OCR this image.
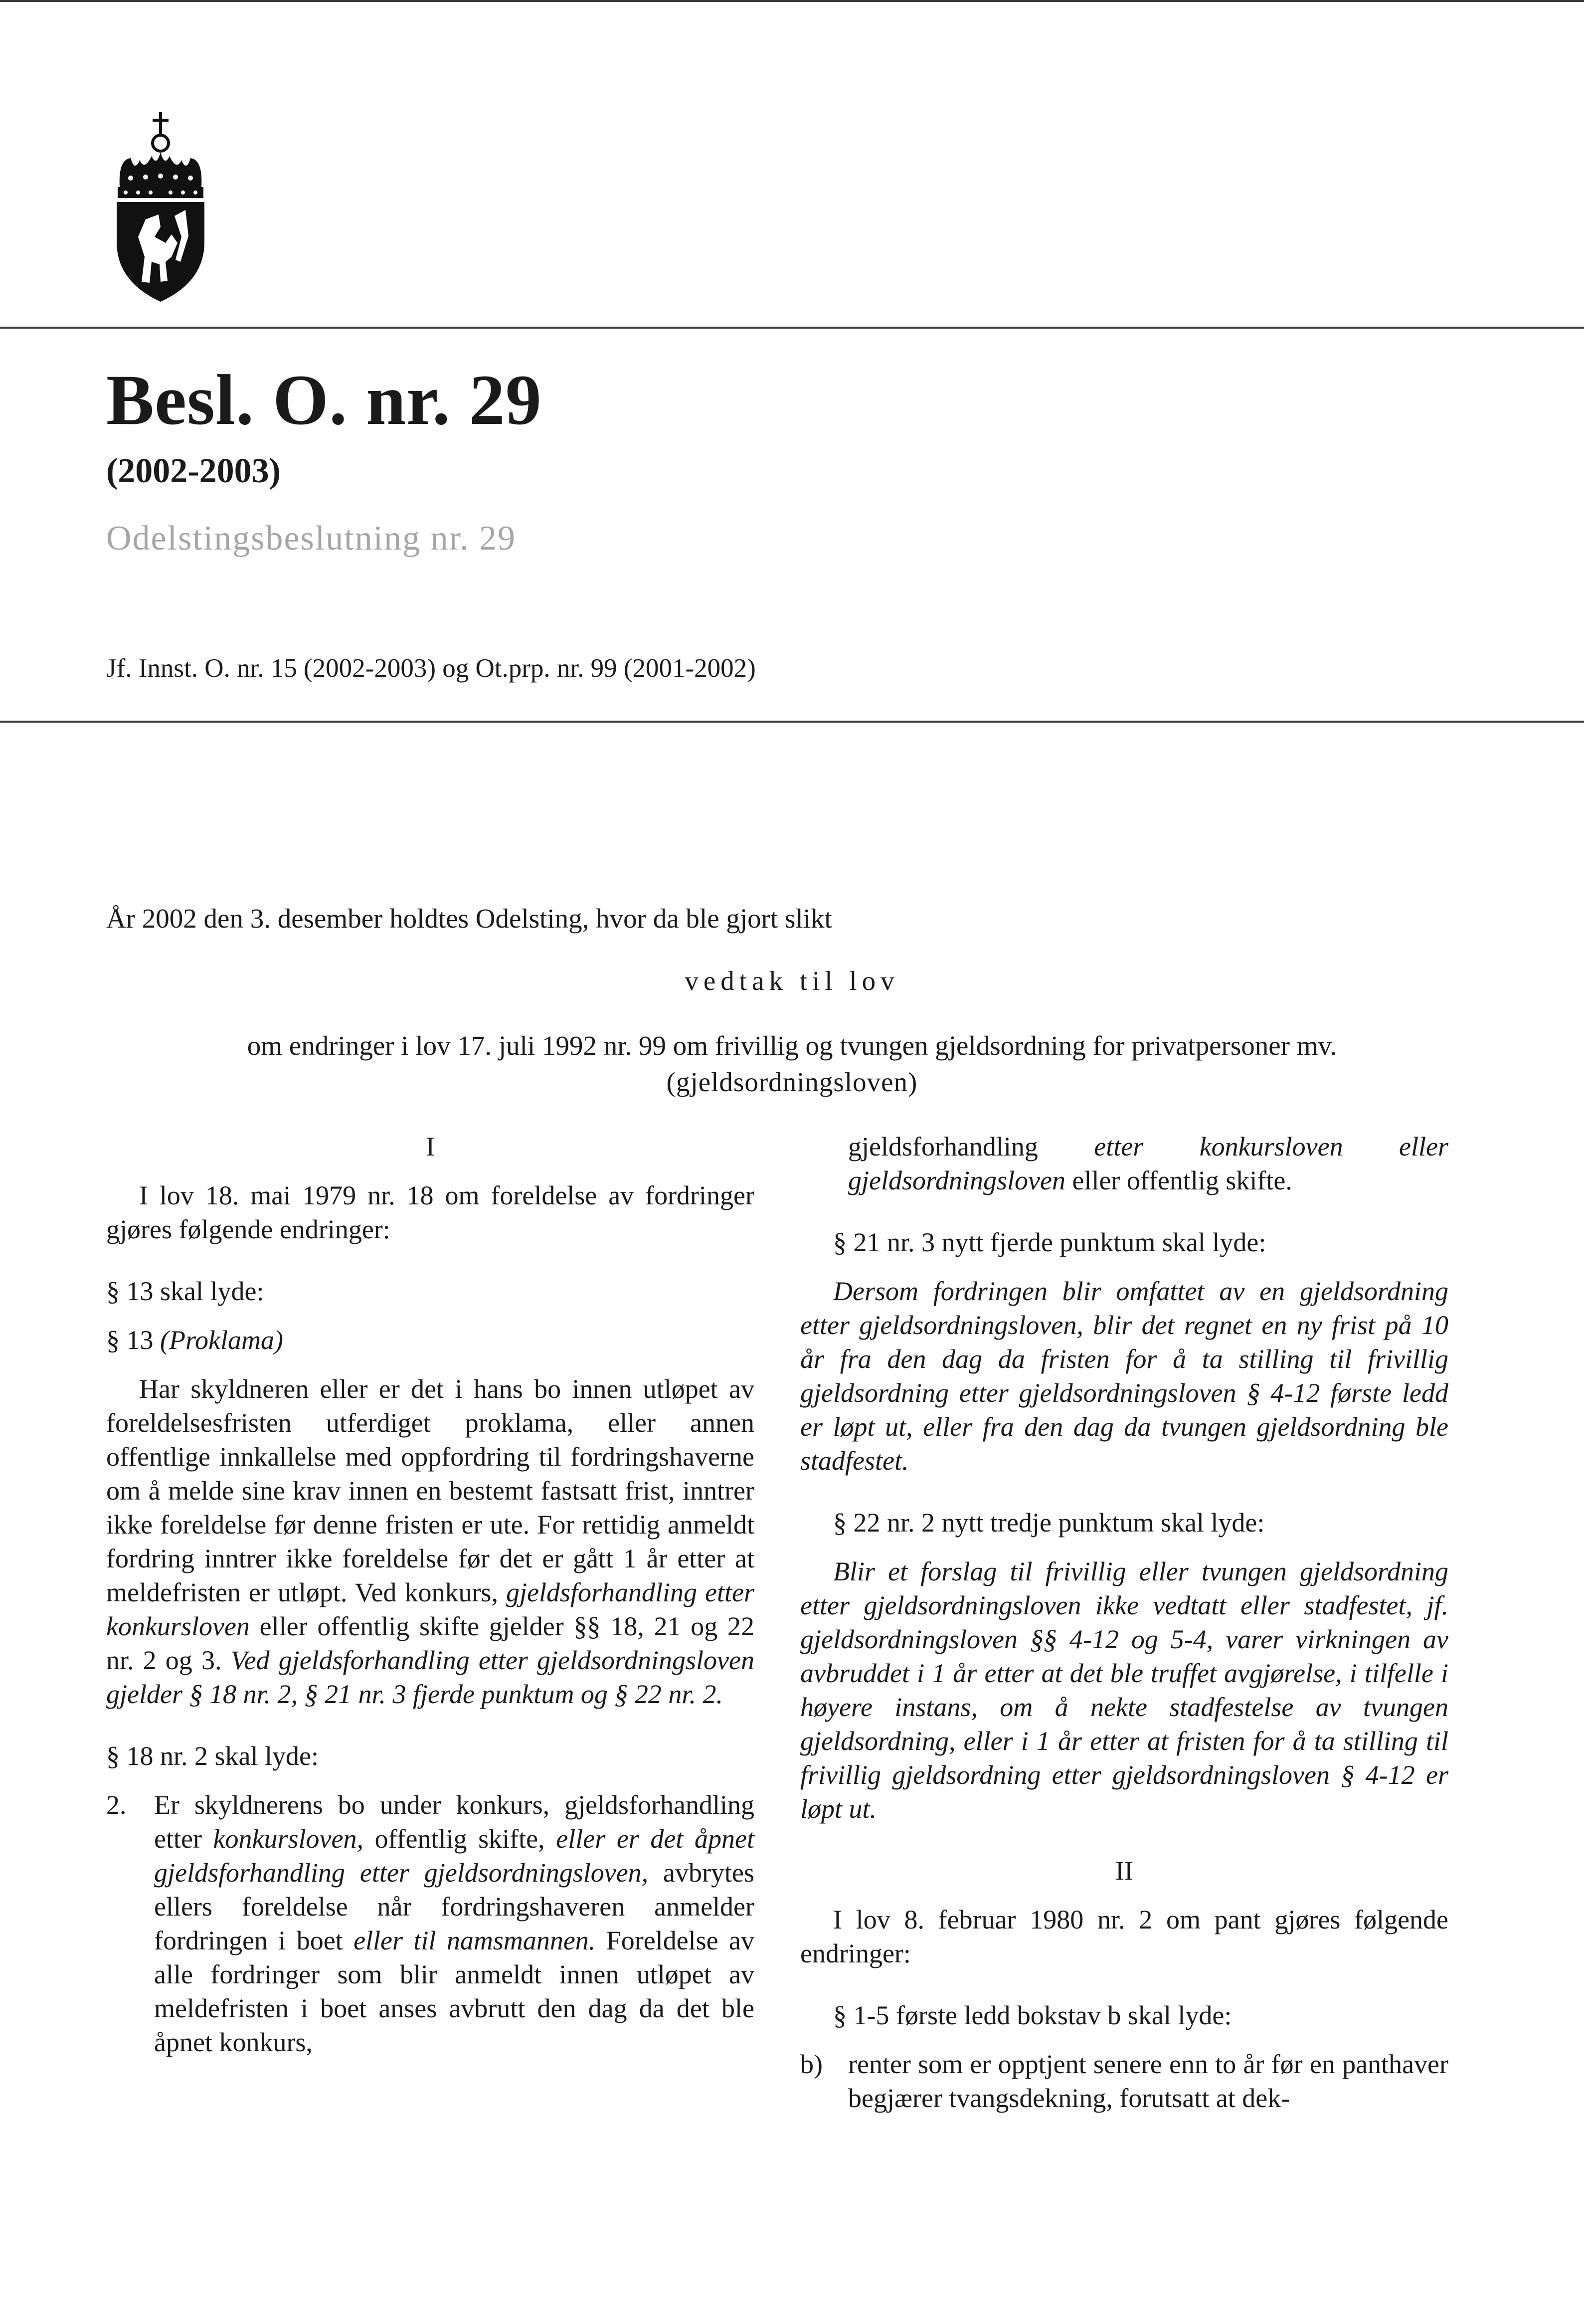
Besl. O. nr. 29
(2002-2003)
Odelstingsbeslutning nr. 29
Jf. Innst. O. nr. 15 (2002-2003) og Ot.prp. nr. 99 (2001-2002)
År 2002 den 3. desember holdtes Odelsting, hvor da ble gjort slikt
vedtak til lov
om endringer i lov 17. juli 1992 nr. 99 om frivillig og tvungen gjeldsordning for privatpersoner mv.
(gjeldsordningsloven)

I

I lov 18. mai 1979 nr. 18 om foreldelse av fordringer gjøres følgende endringer:

§ 13 skal lyde:

§ 13 (Proklama)

Har skyldneren eller er det i hans bo innen utløpet av foreldelsesfristen utferdiget proklama, eller annen offentlige innkallelse med oppfordring til fordringshaverne om å melde sine krav innen en bestemt fastsatt frist, inntrer ikke foreldelse før denne fristen er ute. For rettidig anmeldt fordring inntrer ikke foreldelse før det er gått 1 år etter at meldefristen er utløpt. Ved konkurs, gjeldsforhandling etter konkursloven eller offentlig skifte gjelder §§ 18, 21 og 22 nr. 2 og 3. Ved gjeldsforhandling etter gjeldsordningsloven gjelder § 18 nr. 2, § 21 nr. 3 fjerde punktum og § 22 nr. 2.

§ 18 nr. 2 skal lyde:

2.	Er skyldnerens bo under konkurs, gjeldsforhandling etter konkursloven, offentlig skifte, eller er det åpnet gjeldsforhandling etter gjeldsordningsloven, avbrytes ellers foreldelse når fordringshaveren anmelder fordringen i boet eller til namsmannen. Foreldelse av alle fordringer som blir anmeldt innen utløpet av meldefristen i boet anses avbrutt den dag da det ble åpnet konkurs,
gjeldsforhandling etter konkursloven eller gjeldsordningsloven eller offentlig skifte.

§ 21 nr. 3 nytt fjerde punktum skal lyde:

Dersom fordringen blir omfattet av en gjeldsordning etter gjeldsordningsloven, blir det regnet en ny frist på 10 år fra den dag da fristen for å ta stilling til frivillig gjeldsordning etter gjeldsordningsloven § 4-12 første ledd er løpt ut, eller fra den dag da tvungen gjeldsordning ble stadfestet.

§ 22 nr. 2 nytt tredje punktum skal lyde:

Blir et forslag til frivillig eller tvungen gjeldsordning etter gjeldsordningsloven ikke vedtatt eller stadfestet, jf. gjeldsordningsloven §§ 4-12 og 5-4, varer virkningen av avbruddet i 1 år etter at det ble truffet avgjørelse, i tilfelle i høyere instans, om å nekte stadfestelse av tvungen gjeldsordning, eller i 1 år etter at fristen for å ta stilling til frivillig gjeldsordning etter gjeldsordningsloven § 4-12 er løpt ut.

II

I lov 8. februar 1980 nr. 2 om pant gjøres følgende endringer:

§ 1-5 første ledd bokstav b skal lyde:

b) renter som er opptjent senere enn to år før en panthaver begjærer tvangsdekning, forutsatt at dek-
